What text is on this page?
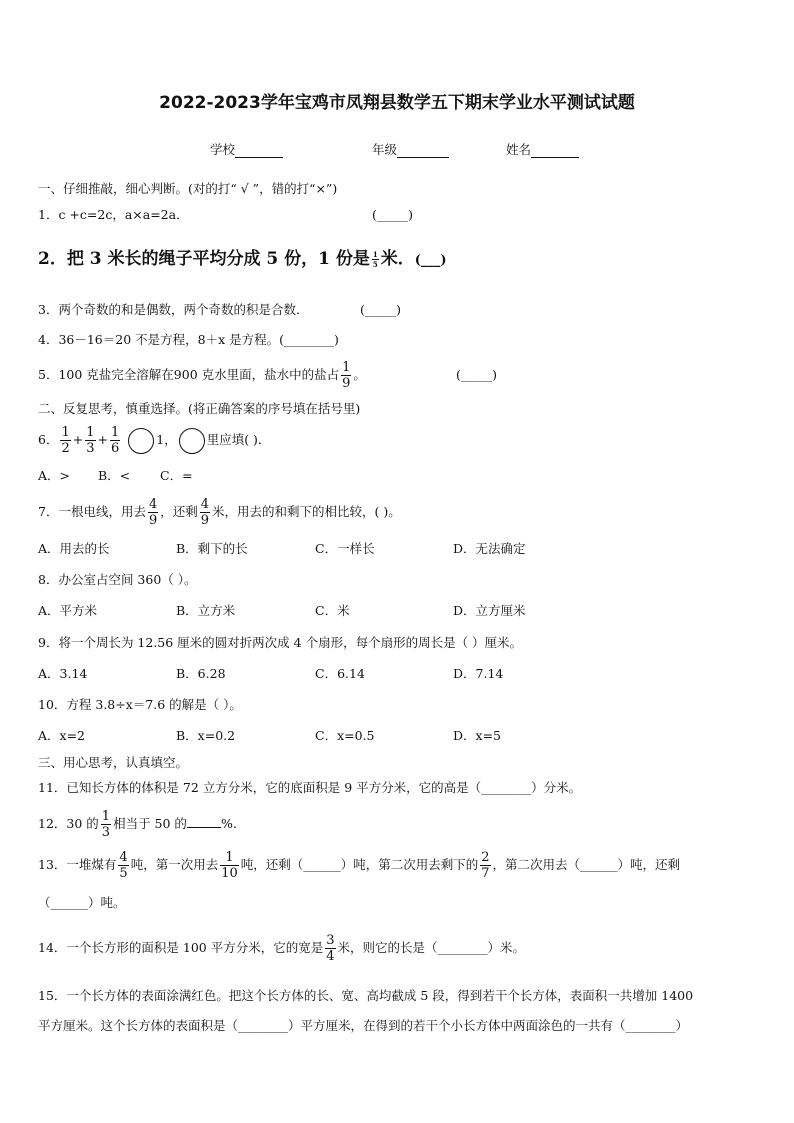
2022-2023学年宝鸡市凤翔县数学五下期末学业水平测试试题
学校	年级	姓名
一、仔细推敲，细心判断。(对的打“ √ ”，错的打“×”)
1．c +c=2c，a×a=2a．	(_____)
2．把 3 米长的绳子平均分成 5 份，1 份是 $\frac{1}{5}$ 米．(___)
3．两个奇数的和是偶数，两个奇数的积是合数．	(_____)
4．36－16＝20 不是方程，8＋x 是方程。(________)
5．100 克盐完全溶解在900 克水里面，盐水中的盐占 $\frac{1}{9}$ 。	(_____)
二、反复思考，慎重选择。(将正确答案的序号填在括号里)
6． $\frac{1}{2} + \frac{1}{3} + \frac{1}{6}$	1， 里应填( )．
A．> B．< C．=
7．一根电线，用去 $\frac{4}{9}$ ，还剩 $\frac{4}{9}$ 米，用去的和剩下的相比较，( )。
A．用去的长	B．剩下的长	C．一样长	D．无法确定
8．办公室占空间 360（ ）。
A．平方米	B．立方米	C．米	D．立方厘米
9．将一个周长为 12.56 厘米的圆对折两次成 4 个扇形，每个扇形的周长是（ ）厘米。
A．3.14	B．6.28	C．6.14	D．7.14
10．方程 3.8÷x＝7.6 的解是（ ）。
A．x=2	B．x=0.2	C．x=0.5	D．x=5
三、用心思考，认真填空。
11．已知长方体的体积是 72 立方分米，它的底面积是 9 平方分米，它的高是（________）分米。
12．30 的 $\frac{1}{3}$ 相当于 50 的	%.
13．一堆煤有 $\frac{4}{5}$ 吨，第一次用去 $\frac{1}{10}$ 吨，还剩（______）吨，第二次用去剩下的 $\frac{2}{7}$ ，第二次用去（______）吨，还剩
（______）吨。
14．一个长方形的面积是 100 平方分米，它的宽是 $\frac{3}{4}$ 米，则它的长是（________）米。
15．一个长方体的表面涂满红色。把这个长方体的长、宽、高均截成 5 段，得到若干个长方体，表面积一共增加 1400
平方厘米。这个长方体的表面积是（________）平方厘米，在得到的若干个小长方体中两面涂色的一共有（________）
